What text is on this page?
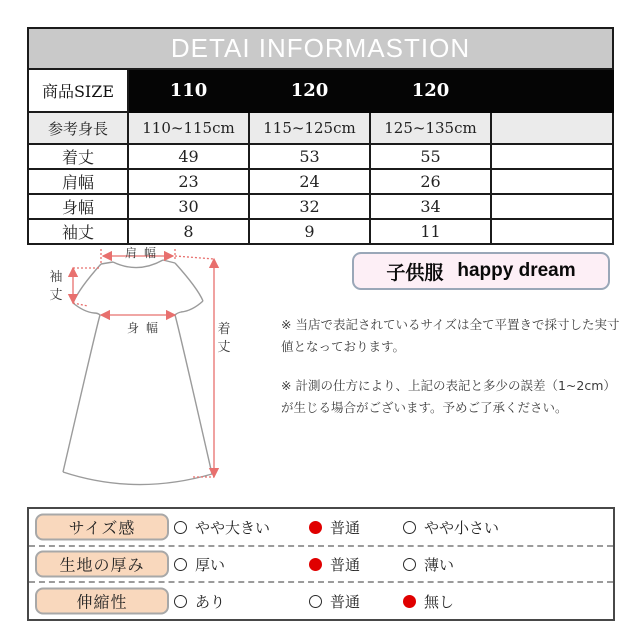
DETAI INFORMASTION				
商品SIZE	110	120	120	
参考身長	110~115cm	115~125cm	125~135cm	
着丈	49	53	55	
肩幅	23	24	26	
身幅	30	32	34	
袖丈	8	9	11	
肩幅
袖丈
身幅	着丈
子供服 happy dream

※ 当店で表記されているサイズは全て平置きで採寸した実寸値となっております。

※ 計測の仕方により、上記の表記と多少の誤差（1~2cm）が生じる場合がございます。予めご了承ください。

サイズ感	やや大きい	普通	やや小さい
生地の厚み	厚い	普通	薄い
伸縮性	あり	普通	無し
